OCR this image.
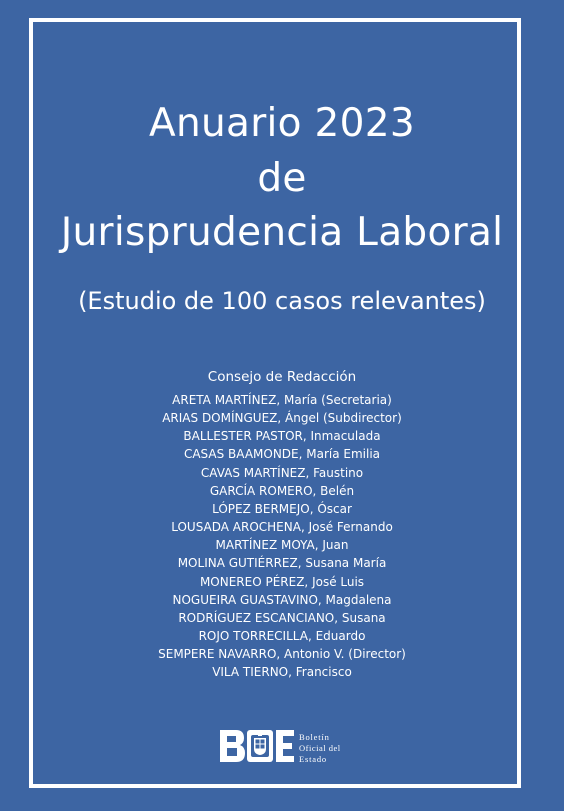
Anuario 2023
de
Jurisprudencia Laboral
(Estudio de 100 casos relevantes)
Consejo de Redacción
ARETA MARTÍNEZ, María (Secretaria)
ARIAS DOMÍNGUEZ, Ángel (Subdirector)
BALLESTER PASTOR, Inmaculada
CASAS BAAMONDE, María Emilia
CAVAS MARTÍNEZ, Faustino
GARCÍA ROMERO, Belén
LÓPEZ BERMEJO, Óscar
LOUSADA AROCHENA, José Fernando
MARTÍNEZ MOYA, Juan
MOLINA GUTIÉRREZ, Susana María
MONEREO PÉREZ, José Luis
NOGUEIRA GUASTAVINO, Magdalena
RODRÍGUEZ ESCANCIANO, Susana
ROJO TORRECILLA, Eduardo
SEMPERE NAVARRO, Antonio V. (Director)
VILA TIERNO, Francisco
Boletín
Oficial del
Estado
